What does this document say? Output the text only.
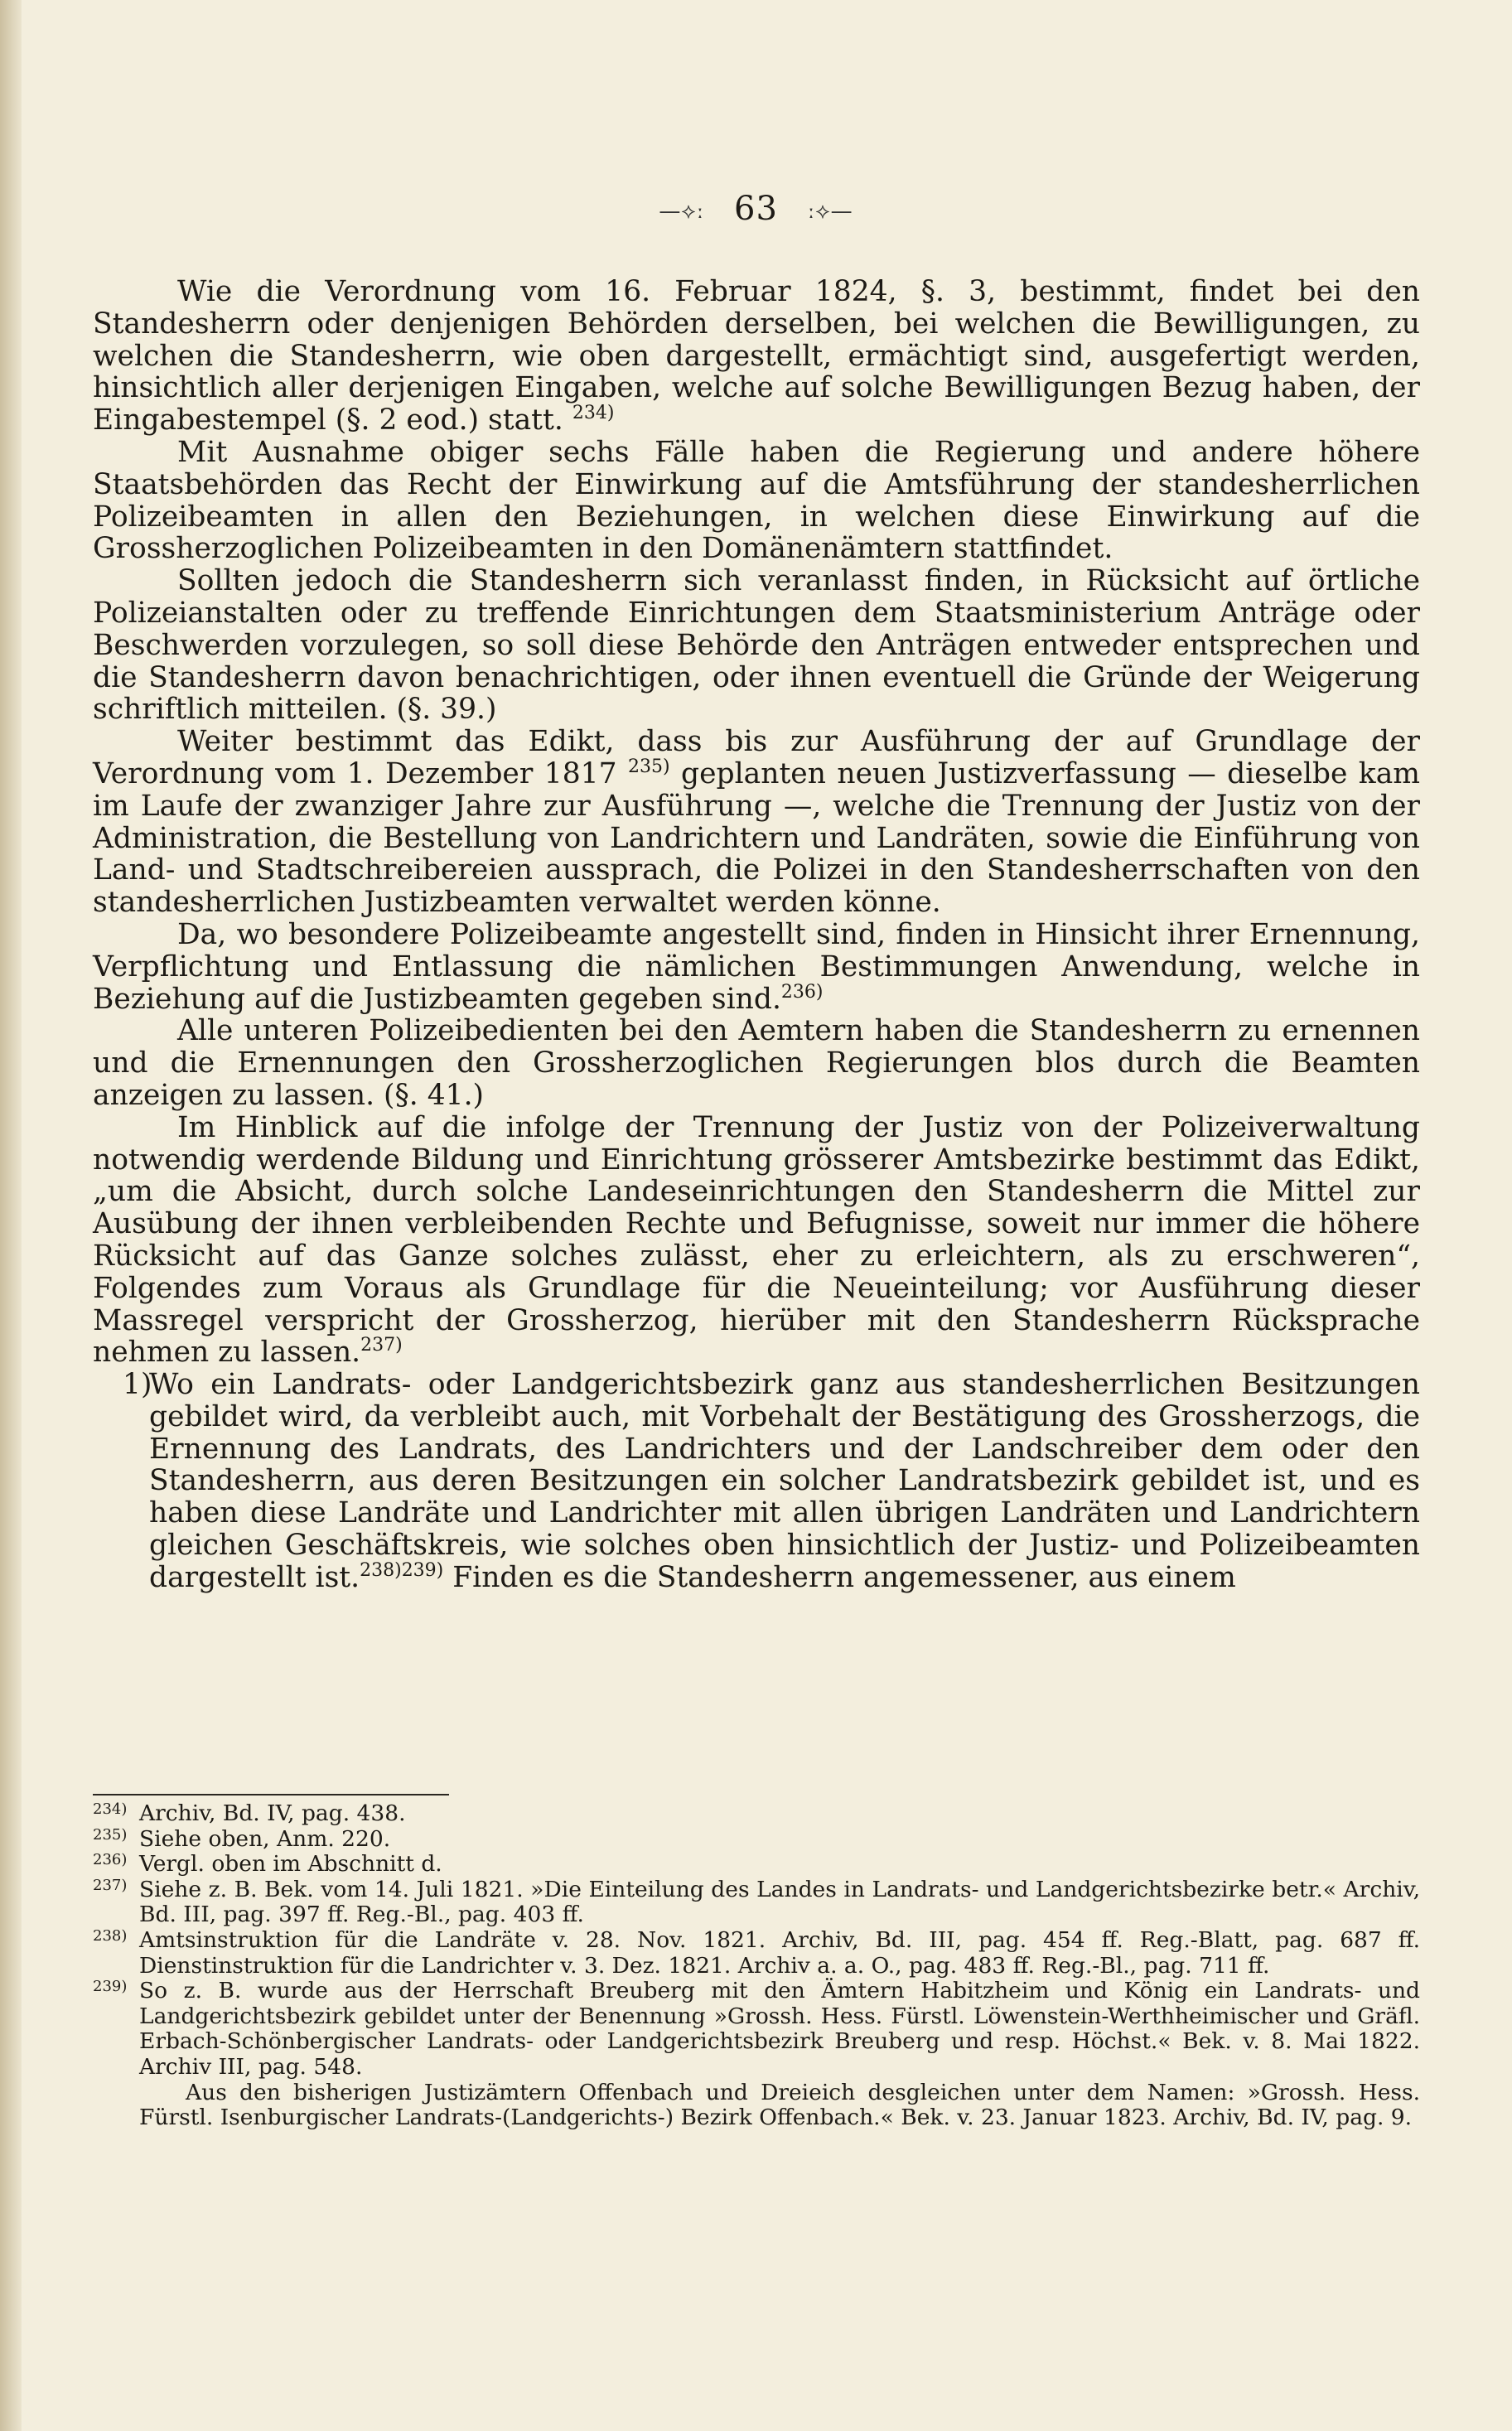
—⟡ː 63 ː⟡—

Wie die Verordnung vom 16. Februar 1824, §. 3, bestimmt, findet bei den Standesherrn oder denjenigen Behörden derselben, bei welchen die Bewilligungen, zu welchen die Standesherrn, wie oben dargestellt, ermächtigt sind, ausgefertigt werden, hinsichtlich aller derjenigen Eingaben, welche auf solche Bewilligungen Bezug haben, der Eingabestempel (§. 2 eod.) statt. $^{234)}$

Mit Ausnahme obiger sechs Fälle haben die Regierung und andere höhere Staatsbehörden das Recht der Einwirkung auf die Amtsführung der standesherrlichen Polizeibeamten in allen den Beziehungen, in welchen diese Einwirkung auf die Grossherzoglichen Polizeibeamten in den Domänenämtern stattfindet.

Sollten jedoch die Standesherrn sich veranlasst finden, in Rücksicht auf örtliche Polizeianstalten oder zu treffende Einrichtungen dem Staatsministerium Anträge oder Beschwerden vorzulegen, so soll diese Behörde den Anträgen entweder entsprechen und die Standesherrn davon benachrichtigen, oder ihnen eventuell die Gründe der Weigerung schriftlich mitteilen. (§. 39.)

Weiter bestimmt das Edikt, dass bis zur Ausführung der auf Grundlage der Verordnung vom 1. Dezember 1817 $^{235)}$ geplanten neuen Justizverfassung — dieselbe kam im Laufe der zwanziger Jahre zur Ausführung —, welche die Trennung der Justiz von der Administration, die Bestellung von Landrichtern und Landräten, sowie die Einführung von Land- und Stadtschreibereien aussprach, die Polizei in den Standesherrschaften von den standesherrlichen Justizbeamten verwaltet werden könne.

Da, wo besondere Polizeibeamte angestellt sind, finden in Hinsicht ihrer Ernennung, Verpflichtung und Entlassung die nämlichen Bestimmungen Anwendung, welche in Beziehung auf die Justizbeamten gegeben sind.$^{236)}$

Alle unteren Polizeibedienten bei den Aemtern haben die Standesherrn zu ernennen und die Ernennungen den Grossherzoglichen Regierungen blos durch die Beamten anzeigen zu lassen. (§. 41.)

Im Hinblick auf die infolge der Trennung der Justiz von der Polizeiverwaltung notwendig werdende Bildung und Einrichtung grösserer Amtsbezirke bestimmt das Edikt, „um die Absicht, durch solche Landeseinrichtungen den Standesherrn die Mittel zur Ausübung der ihnen verbleibenden Rechte und Befugnisse, soweit nur immer die höhere Rücksicht auf das Ganze solches zulässt, eher zu erleichtern, als zu erschweren“, Folgendes zum Voraus als Grundlage für die Neueinteilung; vor Ausführung dieser Massregel verspricht der Grossherzog, hierüber mit den Standesherrn Rücksprache nehmen zu lassen.$^{237)}$

1)
Wo ein Landrats- oder Landgerichtsbezirk ganz aus standesherrlichen Besitzungen gebildet wird, da verbleibt auch, mit Vorbehalt der Bestätigung des Grossherzogs, die Ernennung des Landrats, des Landrichters und der Landschreiber dem oder den Standesherrn, aus deren Besitzungen ein solcher Landratsbezirk gebildet ist, und es haben diese Landräte und Landrichter mit allen übrigen Landräten und Landrichtern gleichen Geschäftskreis, wie solches oben hinsichtlich der Justiz- und Polizeibeamten dargestellt ist.$^{238)239)}$ Finden es die Standesherrn angemessener, aus einem

$^{234)}$ Archiv, Bd. IV, pag. 438.

$^{235)}$ Siehe oben, Anm. 220.

$^{236)}$ Vergl. oben im Abschnitt d.

$^{237)}$ Siehe z. B. Bek. vom 14. Juli 1821. »Die Einteilung des Landes in Landrats- und Landgerichtsbezirke betr.« Archiv, Bd. III, pag. 397 ff. Reg.-Bl., pag. 403 ff.

$^{238)}$ Amtsinstruktion für die Landräte v. 28. Nov. 1821. Archiv, Bd. III, pag. 454 ff. Reg.-Blatt, pag. 687 ff. Dienstinstruktion für die Landrichter v. 3. Dez. 1821. Archiv a. a. O., pag. 483 ff. Reg.-Bl., pag. 711 ff.

$^{239)}$ So z. B. wurde aus der Herrschaft Breuberg mit den Ämtern Habitzheim und König ein Landrats- und Landgerichtsbezirk gebildet unter der Benennung »Grossh. Hess. Fürstl. Löwenstein-Werthheimischer und Gräfl. Erbach-Schönbergischer Landrats- oder Landgerichtsbezirk Breuberg und resp. Höchst.« Bek. v. 8. Mai 1822. Archiv III, pag. 548.
Aus den bisherigen Justizämtern Offenbach und Dreieich desgleichen unter dem Namen: »Grossh. Hess. Fürstl. Isenburgischer Landrats-(Landgerichts-) Bezirk Offenbach.« Bek. v. 23. Januar 1823. Archiv, Bd. IV, pag. 9.
